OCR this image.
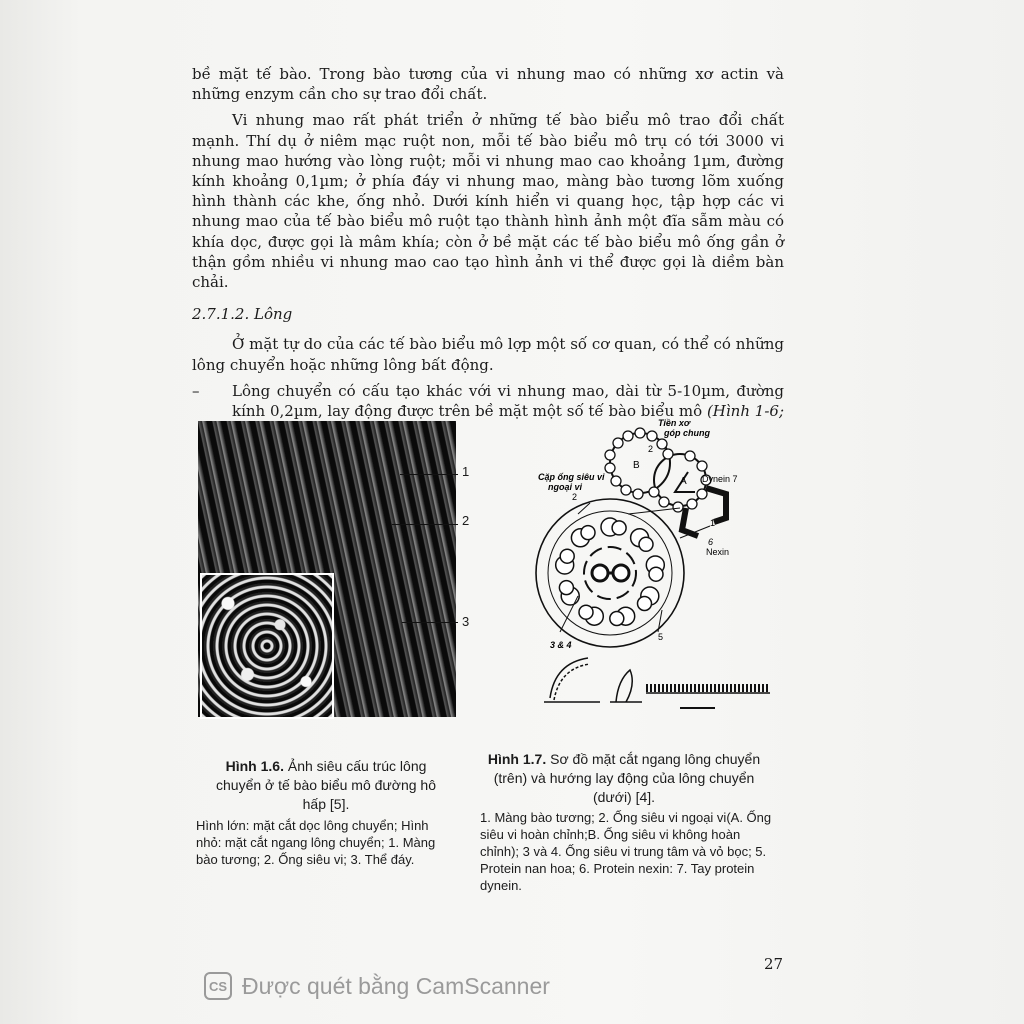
bề mặt tế bào. Trong bào tương của vi nhung mao có những xơ actin và những enzym cần cho sự trao đổi chất.

Vi nhung mao rất phát triển ở những tế bào biểu mô trao đổi chất mạnh. Thí dụ ở niêm mạc ruột non, mỗi tế bào biểu mô trụ có tới 3000 vi nhung mao hướng vào lòng ruột; mỗi vi nhung mao cao khoảng 1µm, đường kính khoảng 0,1µm; ở phía đáy vi nhung mao, màng bào tương lõm xuống hình thành các khe, ống nhỏ. Dưới kính hiển vi quang học, tập hợp các vi nhung mao của tế bào biểu mô ruột tạo thành hình ảnh một đĩa sẫm màu có khía dọc, được gọi là mâm khía; còn ở bề mặt các tế bào biểu mô ống gần ở thận gồm nhiều vi nhung mao cao tạo hình ảnh vi thể được gọi là diềm bàn chải.

2.7.1.2. Lông

Ở mặt tự do của các tế bào biểu mô lợp một số cơ quan, có thể có những lông chuyển hoặc những lông bất động.

– Lông chuyển có cấu tạo khác với vi nhung mao, dài từ 5-10µm, đường kính 0,2µm, lay động được trên bề mặt một số tế bào biểu mô (Hình 1-6;

1
2
3
B
A
Tiền xơ
góp chung
Dynein 7
2
Cặp ống siêu vi
ngoại vi
2
1
6
Nexin
5
3 & 4
Hình 1.6. Ảnh siêu cấu trúc lông chuyển ở tế bào biểu mô đường hô hấp [5].
Hình lớn: mặt cắt dọc lông chuyển; Hình nhỏ: mặt cắt ngang lông chuyển; 1. Màng bào tương; 2. Ống siêu vi; 3. Thể đáy.
Hình 1.7. Sơ đồ mặt cắt ngang lông chuyển (trên) và hướng lay động của lông chuyển (dưới) [4].
1. Màng bào tương; 2. Ống siêu vi ngoại vi(A. Ống siêu vi hoàn chỉnh;B. Ống siêu vi không hoàn chỉnh); 3 và 4. Ống siêu vi trung tâm và vỏ bọc; 5. Protein nan hoa; 6. Protein nexin: 7. Tay protein dynein.
27
CS Được quét bằng CamScanner
